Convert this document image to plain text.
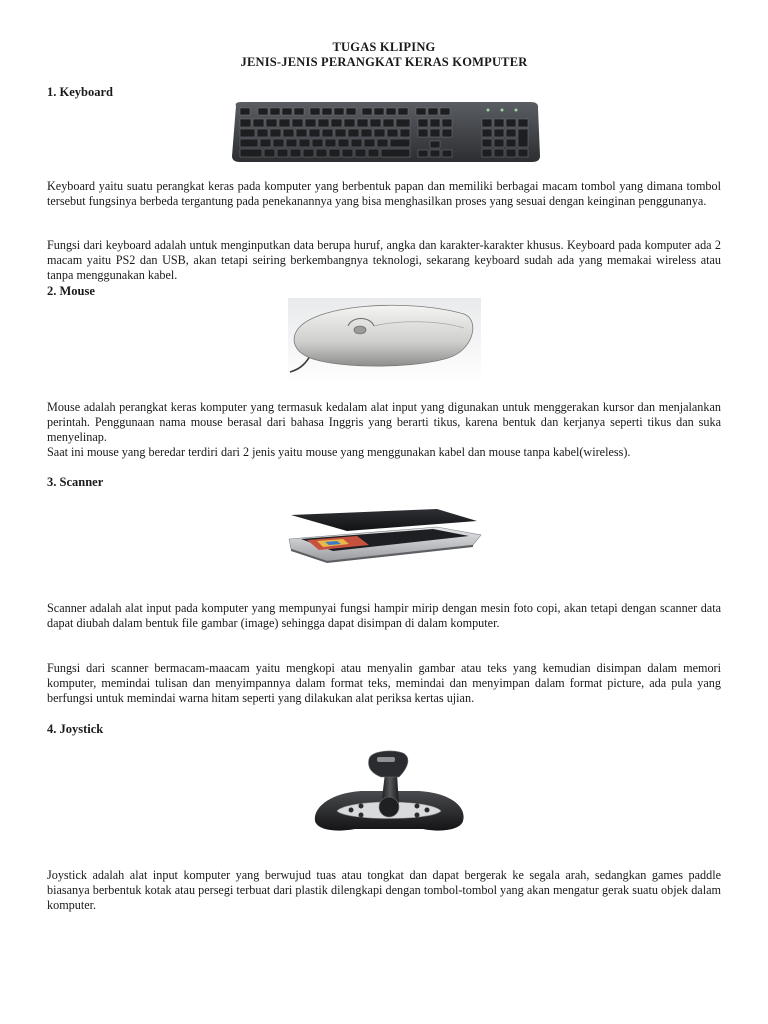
TUGAS KLIPING
JENIS-JENIS PERANGKAT KERAS KOMPUTER
1. Keyboard
Keyboard yaitu suatu perangkat keras pada komputer yang berbentuk papan dan memiliki berbagai macam tombol yang dimana tombol tersebut fungsinya berbeda tergantung pada penekanannya yang bisa menghasilkan proses yang sesuai dengan keinginan penggunanya.
Fungsi dari keyboard adalah untuk menginputkan data berupa huruf, angka dan karakter-karakter khusus. Keyboard pada komputer ada 2 macam yaitu PS2 dan USB, akan tetapi seiring berkembangnya teknologi, sekarang keyboard sudah ada yang memakai wireless atau tanpa menggunakan kabel.
2. Mouse
Mouse adalah perangkat keras komputer yang termasuk kedalam alat input yang digunakan untuk menggerakan kursor dan menjalankan perintah. Penggunaan nama mouse berasal dari bahasa Inggris yang berarti tikus, karena bentuk dan kerjanya seperti tikus dan suka menyelinap.
Saat ini mouse yang beredar terdiri dari 2 jenis yaitu mouse yang menggunakan kabel dan mouse tanpa kabel(wireless).
3. Scanner
Scanner adalah alat input pada komputer yang mempunyai fungsi hampir mirip dengan mesin foto copi, akan tetapi dengan scanner data dapat diubah dalam bentuk file gambar (image) sehingga dapat disimpan di dalam komputer.
Fungsi dari scanner bermacam-maacam yaitu mengkopi atau menyalin gambar atau teks yang kemudian disimpan dalam memori komputer, memindai tulisan dan menyimpannya dalam format teks, memindai dan menyimpan dalam format picture, ada pula yang berfungsi untuk memindai warna hitam seperti yang dilakukan alat periksa kertas ujian.
4. Joystick
Joystick adalah alat input komputer yang berwujud tuas atau tongkat dan dapat bergerak ke segala arah, sedangkan games paddle biasanya berbentuk kotak atau persegi terbuat dari plastik dilengkapi dengan tombol-tombol yang akan mengatur gerak suatu objek dalam komputer.
